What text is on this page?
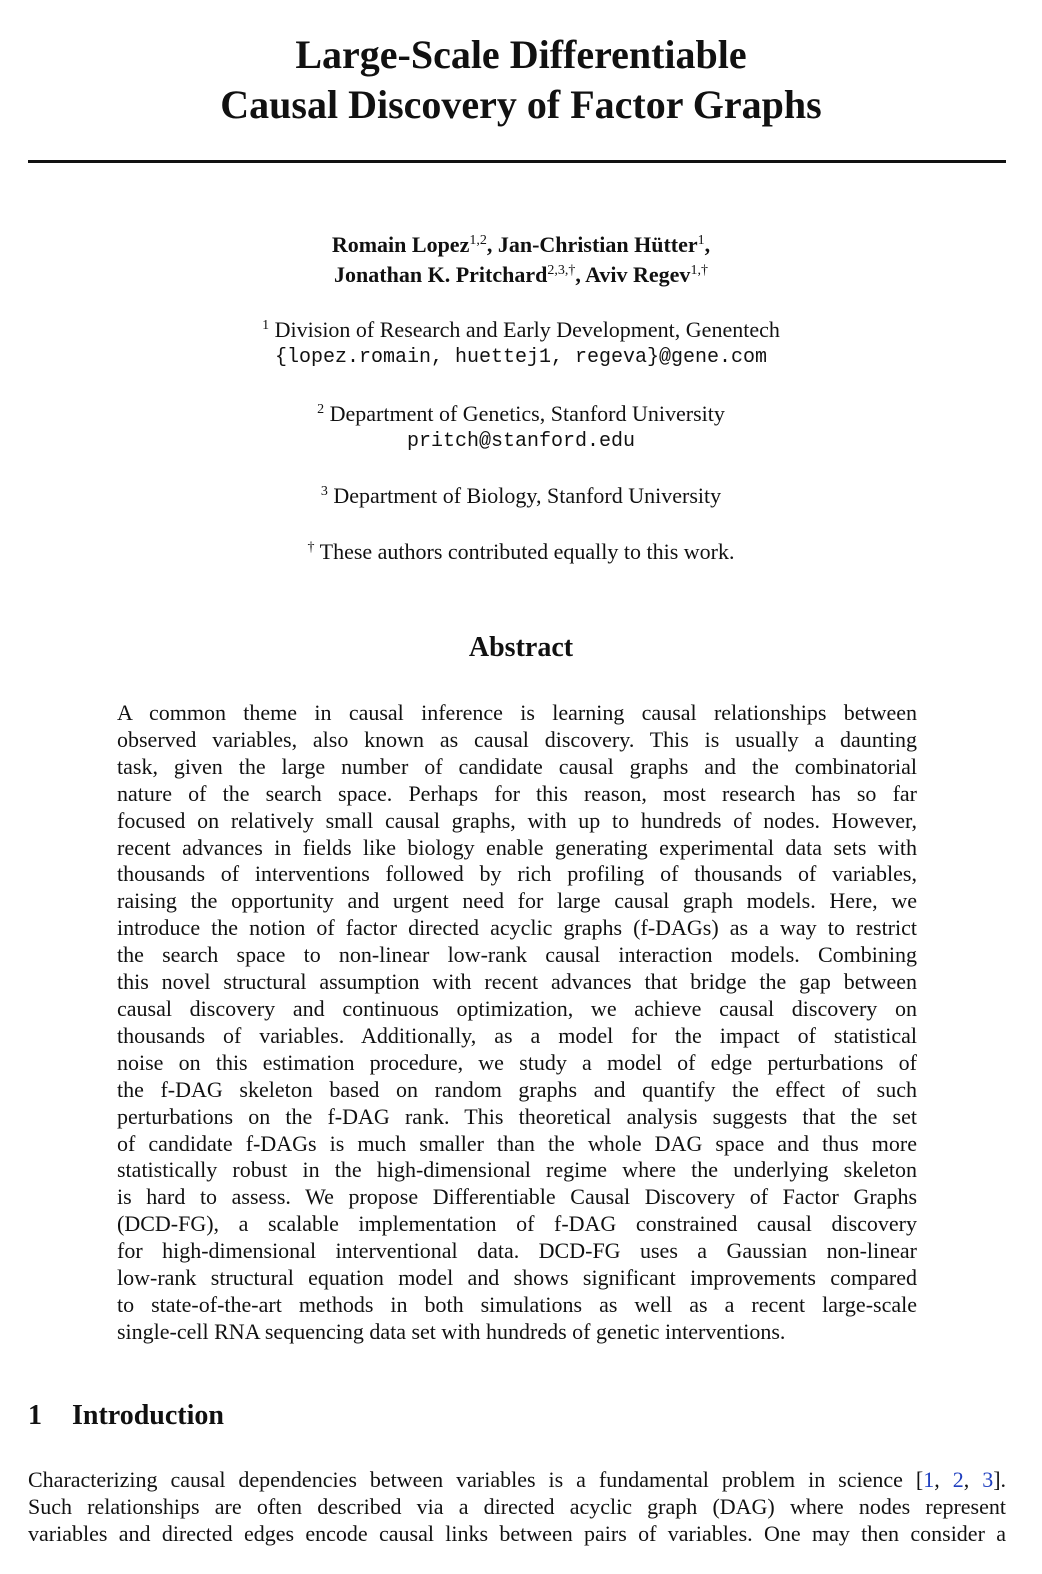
Large-Scale Differentiable
Causal Discovery of Factor Graphs
Romain Lopez$^{1,2}$, Jan-Christian Hütter$^1$,
Jonathan K. Pritchard$^{2,3,\dagger}$, Aviv Regev$^{1,\dagger}$
$^1$ Division of Research and Early Development, Genentech
{lopez.romain, huettej1, regeva}@gene.com
$^2$ Department of Genetics, Stanford University
pritch@stanford.edu
$^3$ Department of Biology, Stanford University
† These authors contributed equally to this work.
Abstract
A common theme in causal inference is learning causal relationships between
observed variables, also known as causal discovery. This is usually a daunting
task, given the large number of candidate causal graphs and the combinatorial
nature of the search space. Perhaps for this reason, most research has so far
focused on relatively small causal graphs, with up to hundreds of nodes. However,
recent advances in fields like biology enable generating experimental data sets with
thousands of interventions followed by rich profiling of thousands of variables,
raising the opportunity and urgent need for large causal graph models. Here, we
introduce the notion of factor directed acyclic graphs (f-DAGs) as a way to restrict
the search space to non-linear low-rank causal interaction models. Combining
this novel structural assumption with recent advances that bridge the gap between
causal discovery and continuous optimization, we achieve causal discovery on
thousands of variables. Additionally, as a model for the impact of statistical
noise on this estimation procedure, we study a model of edge perturbations of
the f-DAG skeleton based on random graphs and quantify the effect of such
perturbations on the f-DAG rank. This theoretical analysis suggests that the set
of candidate f-DAGs is much smaller than the whole DAG space and thus more
statistically robust in the high-dimensional regime where the underlying skeleton
is hard to assess. We propose Differentiable Causal Discovery of Factor Graphs
(DCD-FG), a scalable implementation of f-DAG constrained causal discovery
for high-dimensional interventional data. DCD-FG uses a Gaussian non-linear
low-rank structural equation model and shows significant improvements compared
to state-of-the-art methods in both simulations as well as a recent large-scale
single-cell RNA sequencing data set with hundreds of genetic interventions.
1 Introduction
Characterizing causal dependencies between variables is a fundamental problem in science [1, 2, 3].
Such relationships are often described via a directed acyclic graph (DAG) where nodes represent
variables and directed edges encode causal links between pairs of variables. One may then consider a
